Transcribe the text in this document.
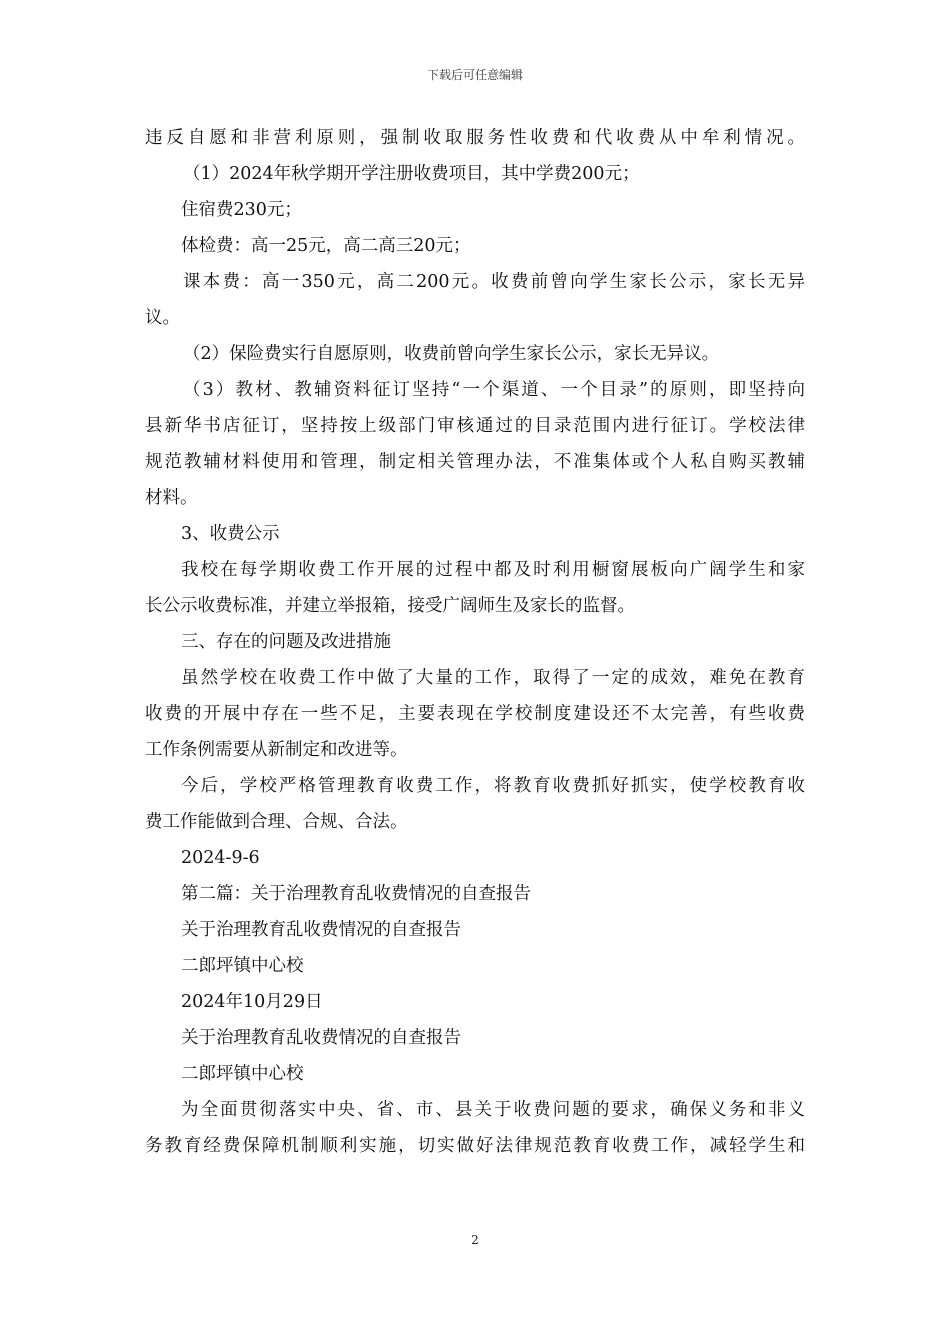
下载后可任意编辑
违反自愿和非营利原则，强制收取服务性收费和代收费从中牟利情况。
（1）2024年秋学期开学注册收费项目，其中学费200元；
住宿费230元；
体检费：高一25元，高二高三20元；
课本费：高一350元，高二200元。收费前曾向学生家长公示，家长无异
议。
（2）保险费实行自愿原则，收费前曾向学生家长公示，家长无异议。
（3）教材、教辅资料征订坚持“一个渠道、一个目录”的原则，即坚持向
县新华书店征订，坚持按上级部门审核通过的目录范围内进行征订。学校法律
规范教辅材料使用和管理，制定相关管理办法，不准集体或个人私自购买教辅
材料。
3、收费公示
我校在每学期收费工作开展的过程中都及时利用橱窗展板向广阔学生和家
长公示收费标准，并建立举报箱，接受广阔师生及家长的监督。
三、存在的问题及改进措施
虽然学校在收费工作中做了大量的工作，取得了一定的成效，难免在教育
收费的开展中存在一些不足，主要表现在学校制度建设还不太完善，有些收费
工作条例需要从新制定和改进等。
今后，学校严格管理教育收费工作，将教育收费抓好抓实，使学校教育收
费工作能做到合理、合规、合法。
2024-9-6
第二篇：关于治理教育乱收费情况的自查报告
关于治理教育乱收费情况的自查报告
二郎坪镇中心校
2024年10月29日
关于治理教育乱收费情况的自查报告
二郎坪镇中心校
为全面贯彻落实中央、省、市、县关于收费问题的要求，确保义务和非义
务教育经费保障机制顺利实施，切实做好法律规范教育收费工作，减轻学生和
2
